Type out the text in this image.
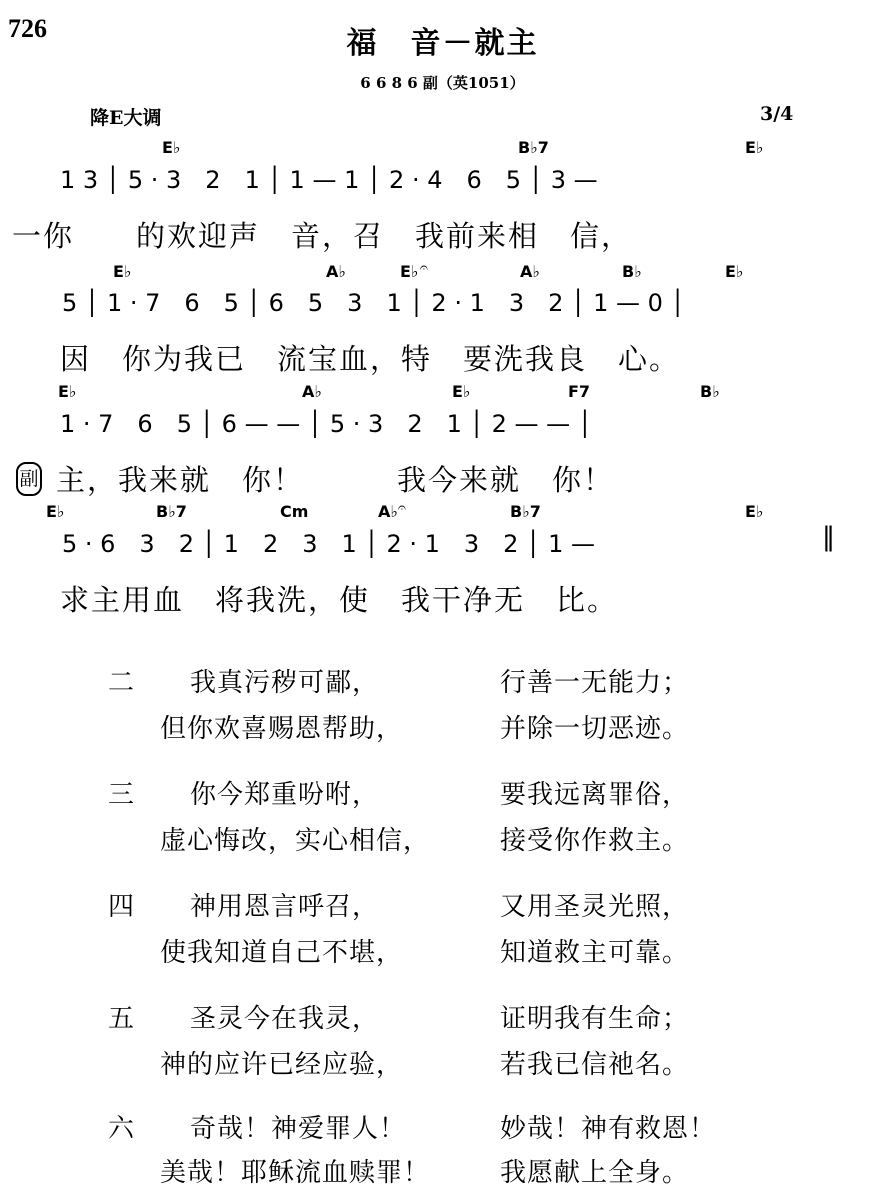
726	福　音－就主
6 6 8 6 副（英1051）
降E大调	3/4
E♭	B♭7	E♭
1 3 │ 5 · 3　2　1 │ 1 — 1 │ 2 · 4　6　5 │ 3 —
一你　　的欢迎声　音，召　我前来相　信，
E♭	A♭	E♭ 𝄐	A♭	B♭	E♭
5 │ 1 · 7　6　5 │ 6　5　3　1 │ 2 · 1　3　2 │ 1 — 0 │
因　你为我已　流宝血，特　要洗我良　心。
E♭	A♭	E♭	F7	B♭
1 · 7　6　5 │ 6 — — │ 5 · 3　2　1 │ 2 — — │
副 主，我来就　你！　　　我今来就　你！
E♭	B♭7	Cm	A♭ 𝄐	B♭7	E♭
5 · 6　3　2 │ 1　2　3　1 │ 2 · 1　3　2 │ 1 —	‖
求主用血　将我洗，使　我干净无　比。
二 我真污秽可鄙，	行善一无能力；
但你欢喜赐恩帮助，	并除一切恶迹。
三 你今郑重吩咐，	要我远离罪俗，
虚心悔改，实心相信，	接受你作救主。
四 神用恩言呼召，	又用圣灵光照，
使我知道自己不堪，	知道救主可靠。
五 圣灵今在我灵，	证明我有生命；
神的应许已经应验，	若我已信祂名。
六 奇哉！神爱罪人！	妙哉！神有救恩！
美哉！耶稣流血赎罪！	我愿献上全身。
